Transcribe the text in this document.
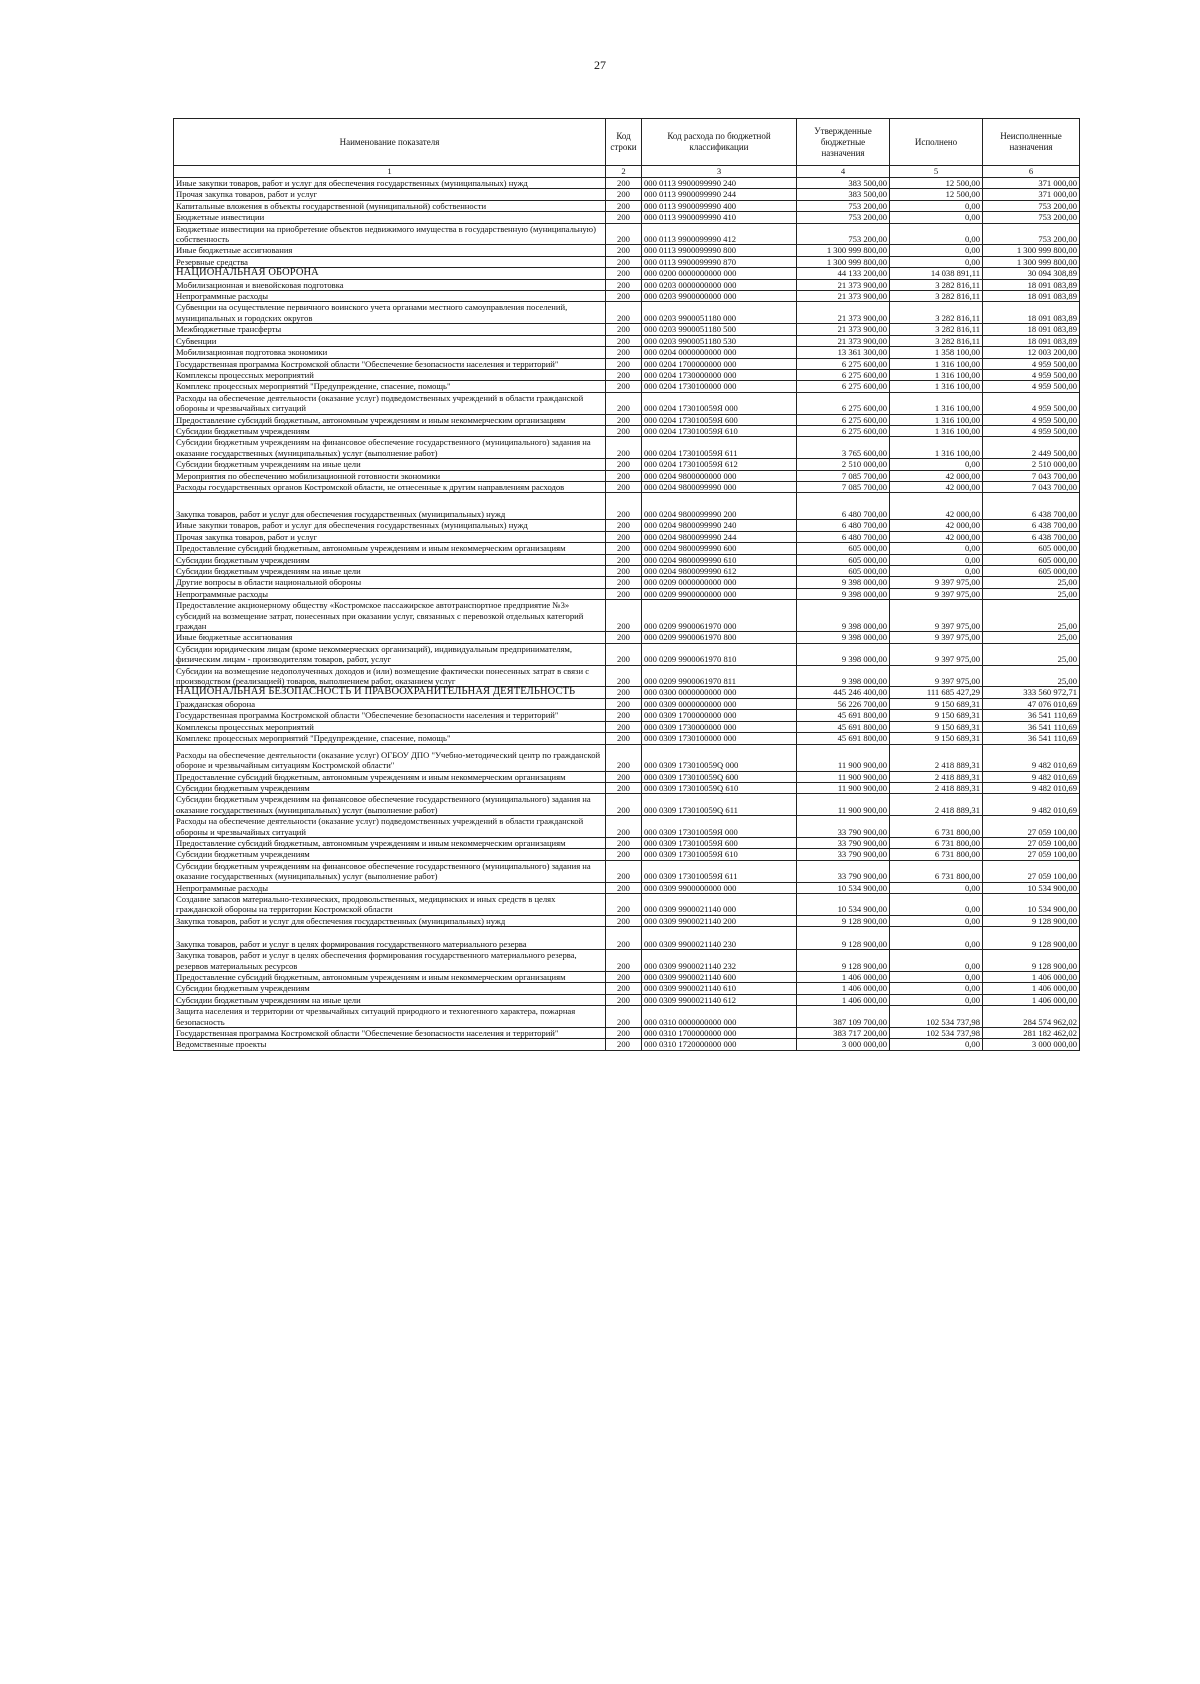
27
Наименование показателя	Код строки	Код расхода по бюджетной классификации	Утвержденные бюджетные назначения	Исполнено	Неисполненные назначения
1	2	3	4	5	6
Иные закупки товаров, работ и услуг для обеспечения государственных (муниципальных) нужд	200	000 0113 9900099990 240	383 500,00	12 500,00	371 000,00
Прочая закупка товаров, работ и услуг	200	000 0113 9900099990 244	383 500,00	12 500,00	371 000,00
Капитальные вложения в объекты государственной (муниципальной) собственности	200	000 0113 9900099990 400	753 200,00	0,00	753 200,00
Бюджетные инвестиции	200	000 0113 9900099990 410	753 200,00	0,00	753 200,00
Бюджетные инвестиции на приобретение объектов недвижимого имущества в государственную (муниципальную) собственность	200	000 0113 9900099990 412	753 200,00	0,00	753 200,00
Иные бюджетные ассигнования	200	000 0113 9900099990 800	1 300 999 800,00	0,00	1 300 999 800,00
Резервные средства	200	000 0113 9900099990 870	1 300 999 800,00	0,00	1 300 999 800,00
НАЦИОНАЛЬНАЯ ОБОРОНА	200	000 0200 0000000000 000	44 133 200,00	14 038 891,11	30 094 308,89
Мобилизационная и вневойсковая подготовка	200	000 0203 0000000000 000	21 373 900,00	3 282 816,11	18 091 083,89
Непрограммные расходы	200	000 0203 9900000000 000	21 373 900,00	3 282 816,11	18 091 083,89
Субвенции на осуществление первичного воинского учета органами местного самоуправления поселений, муниципальных и городских округов	200	000 0203 9900051180 000	21 373 900,00	3 282 816,11	18 091 083,89
Межбюджетные трансферты	200	000 0203 9900051180 500	21 373 900,00	3 282 816,11	18 091 083,89
Субвенции	200	000 0203 9900051180 530	21 373 900,00	3 282 816,11	18 091 083,89
Мобилизационная подготовка экономики	200	000 0204 0000000000 000	13 361 300,00	1 358 100,00	12 003 200,00
Государственная программа Костромской области "Обеспечение безопасности населения и территорий"	200	000 0204 1700000000 000	6 275 600,00	1 316 100,00	4 959 500,00
Комплексы процессных мероприятий	200	000 0204 1730000000 000	6 275 600,00	1 316 100,00	4 959 500,00
Комплекс процессных мероприятий "Предупреждение, спасение, помощь"	200	000 0204 1730100000 000	6 275 600,00	1 316 100,00	4 959 500,00
Расходы на обеспечение деятельности (оказание услуг) подведомственных учреждений в области гражданской обороны и чрезвычайных ситуаций	200	000 0204 173010059Я 000	6 275 600,00	1 316 100,00	4 959 500,00
Предоставление субсидий бюджетным, автономным учреждениям и иным некоммерческим организациям	200	000 0204 173010059Я 600	6 275 600,00	1 316 100,00	4 959 500,00
Субсидии бюджетным учреждениям	200	000 0204 173010059Я 610	6 275 600,00	1 316 100,00	4 959 500,00
Субсидии бюджетным учреждениям на финансовое обеспечение государственного (муниципального) задания на оказание государственных (муниципальных) услуг (выполнение работ)	200	000 0204 173010059Я 611	3 765 600,00	1 316 100,00	2 449 500,00
Субсидии бюджетным учреждениям на иные цели	200	000 0204 173010059Я 612	2 510 000,00	0,00	2 510 000,00
Мероприятия по обеспечению мобилизационной готовности экономики	200	000 0204 9800000000 000	7 085 700,00	42 000,00	7 043 700,00
Расходы государственных органов Костромской области, не отнесенные к другим направлениям расходов	200	000 0204 9800099990 000	7 085 700,00	42 000,00	7 043 700,00
Закупка товаров, работ и услуг для обеспечения государственных (муниципальных) нужд	200	000 0204 9800099990 200	6 480 700,00	42 000,00	6 438 700,00
Иные закупки товаров, работ и услуг для обеспечения государственных (муниципальных) нужд	200	000 0204 9800099990 240	6 480 700,00	42 000,00	6 438 700,00
Прочая закупка товаров, работ и услуг	200	000 0204 9800099990 244	6 480 700,00	42 000,00	6 438 700,00
Предоставление субсидий бюджетным, автономным учреждениям и иным некоммерческим организациям	200	000 0204 9800099990 600	605 000,00	0,00	605 000,00
Субсидии бюджетным учреждениям	200	000 0204 9800099990 610	605 000,00	0,00	605 000,00
Субсидии бюджетным учреждениям на иные цели	200	000 0204 9800099990 612	605 000,00	0,00	605 000,00
Другие вопросы в области национальной обороны	200	000 0209 0000000000 000	9 398 000,00	9 397 975,00	25,00
Непрограммные расходы	200	000 0209 9900000000 000	9 398 000,00	9 397 975,00	25,00
Предоставление акционерному обществу «Костромское пассажирское автотранспортное предприятие №3» субсидий на возмещение затрат, понесенных при оказании услуг, связанных с перевозкой отдельных категорий граждан	200	000 0209 9900061970 000	9 398 000,00	9 397 975,00	25,00
Иные бюджетные ассигнования	200	000 0209 9900061970 800	9 398 000,00	9 397 975,00	25,00
Субсидии юридическим лицам (кроме некоммерческих организаций), индивидуальным предпринимателям, физическим лицам - производителям товаров, работ, услуг	200	000 0209 9900061970 810	9 398 000,00	9 397 975,00	25,00
Субсидии на возмещение недополученных доходов и (или) возмещение фактически понесенных затрат в связи с производством (реализацией) товаров, выполнением работ, оказанием услуг	200	000 0209 9900061970 811	9 398 000,00	9 397 975,00	25,00
НАЦИОНАЛЬНАЯ БЕЗОПАСНОСТЬ И ПРАВООХРАНИТЕЛЬНАЯ ДЕЯТЕЛЬНОСТЬ	200	000 0300 0000000000 000	445 246 400,00	111 685 427,29	333 560 972,71
Гражданская оборона	200	000 0309 0000000000 000	56 226 700,00	9 150 689,31	47 076 010,69
Государственная программа Костромской области "Обеспечение безопасности населения и территорий"	200	000 0309 1700000000 000	45 691 800,00	9 150 689,31	36 541 110,69
Комплексы процессных мероприятий	200	000 0309 1730000000 000	45 691 800,00	9 150 689,31	36 541 110,69
Комплекс процессных мероприятий "Предупреждение, спасение, помощь"	200	000 0309 1730100000 000	45 691 800,00	9 150 689,31	36 541 110,69
Расходы на обеспечение деятельности (оказание услуг) ОГБОУ ДПО "Учебно-методический центр по гражданской обороне и чрезвычайным ситуациям Костромской области"	200	000 0309 173010059Q 000	11 900 900,00	2 418 889,31	9 482 010,69
Предоставление субсидий бюджетным, автономным учреждениям и иным некоммерческим организациям	200	000 0309 173010059Q 600	11 900 900,00	2 418 889,31	9 482 010,69
Субсидии бюджетным учреждениям	200	000 0309 173010059Q 610	11 900 900,00	2 418 889,31	9 482 010,69
Субсидии бюджетным учреждениям на финансовое обеспечение государственного (муниципального) задания на оказание государственных (муниципальных) услуг (выполнение работ)	200	000 0309 173010059Q 611	11 900 900,00	2 418 889,31	9 482 010,69
Расходы на обеспечение деятельности (оказание услуг) подведомственных учреждений в области гражданской обороны и чрезвычайных ситуаций	200	000 0309 173010059Я 000	33 790 900,00	6 731 800,00	27 059 100,00
Предоставление субсидий бюджетным, автономным учреждениям и иным некоммерческим организациям	200	000 0309 173010059Я 600	33 790 900,00	6 731 800,00	27 059 100,00
Субсидии бюджетным учреждениям	200	000 0309 173010059Я 610	33 790 900,00	6 731 800,00	27 059 100,00
Субсидии бюджетным учреждениям на финансовое обеспечение государственного (муниципального) задания на оказание государственных (муниципальных) услуг (выполнение работ)	200	000 0309 173010059Я 611	33 790 900,00	6 731 800,00	27 059 100,00
Непрограммные расходы	200	000 0309 9900000000 000	10 534 900,00	0,00	10 534 900,00
Создание запасов материально-технических, продовольственных, медицинских и иных средств в целях гражданской обороны на территории Костромской области	200	000 0309 9900021140 000	10 534 900,00	0,00	10 534 900,00
Закупка товаров, работ и услуг для обеспечения государственных (муниципальных) нужд	200	000 0309 9900021140 200	9 128 900,00	0,00	9 128 900,00
Закупка товаров, работ и услуг в целях формирования государственного материального резерва	200	000 0309 9900021140 230	9 128 900,00	0,00	9 128 900,00
Закупка товаров, работ и услуг в целях обеспечения формирования государственного материального резерва, резервов материальных ресурсов	200	000 0309 9900021140 232	9 128 900,00	0,00	9 128 900,00
Предоставление субсидий бюджетным, автономным учреждениям и иным некоммерческим организациям	200	000 0309 9900021140 600	1 406 000,00	0,00	1 406 000,00
Субсидии бюджетным учреждениям	200	000 0309 9900021140 610	1 406 000,00	0,00	1 406 000,00
Субсидии бюджетным учреждениям на иные цели	200	000 0309 9900021140 612	1 406 000,00	0,00	1 406 000,00
Защита населения и территории от чрезвычайных ситуаций природного и техногенного характера, пожарная безопасность	200	000 0310 0000000000 000	387 109 700,00	102 534 737,98	284 574 962,02
Государственная программа Костромской области "Обеспечение безопасности населения и территорий"	200	000 0310 1700000000 000	383 717 200,00	102 534 737,98	281 182 462,02
Ведомственные проекты	200	000 0310 1720000000 000	3 000 000,00	0,00	3 000 000,00
